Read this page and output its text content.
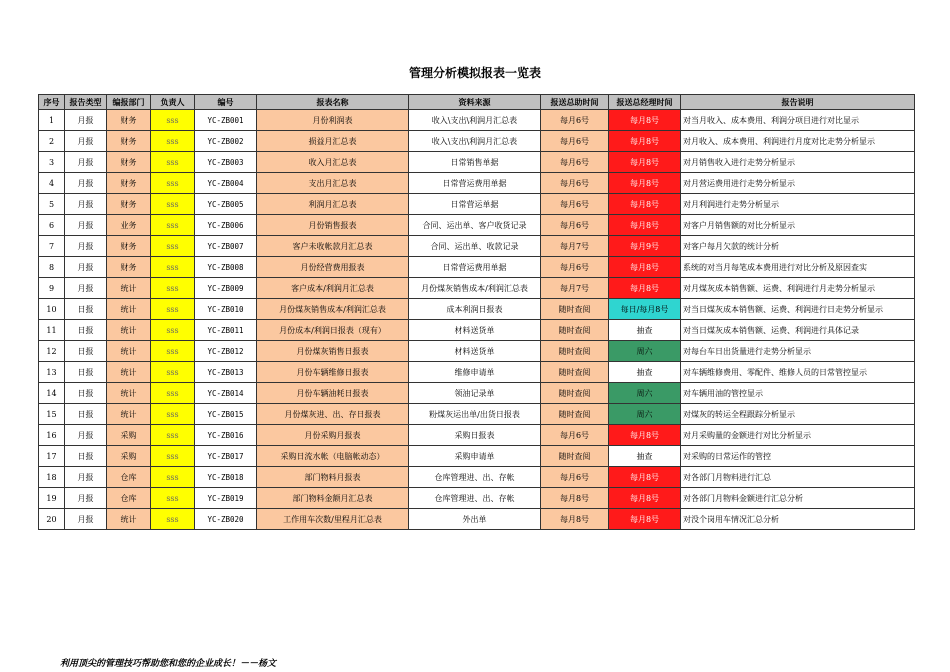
管理分析模拟报表一览表
序号	报告类型	编报部门	负责人	编号	报表名称	资料来源	报送总助时间	报送总经理时间	报告说明
1	月报	财务	sss	YC-ZB001	月份利润表	收入\支出\利润月汇总表	每月6号	每月8号	对当月收入、成本费用、利润分项目进行对比显示
2	月报	财务	sss	YC-ZB002	损益月汇总表	收入\支出\利润月汇总表	每月6号	每月8号	对月收入、成本费用、利润进行月度对比走势分析显示
3	月报	财务	sss	YC-ZB003	收入月汇总表	日常销售单据	每月6号	每月8号	对月销售收入进行走势分析显示
4	月报	财务	sss	YC-ZB004	支出月汇总表	日常营运费用单据	每月6号	每月8号	对月营运费用进行走势分析显示
5	月报	财务	sss	YC-ZB005	利润月汇总表	日常营运单据	每月6号	每月8号	对月利润进行走势分析显示
6	月报	业务	sss	YC-ZB006	月份销售报表	合同、运出单、客户收货记录	每月6号	每月8号	对客户月销售额的对比分析显示
7	月报	财务	sss	YC-ZB007	客户未收帐款月汇总表	合同、运出单、收款记录	每月7号	每月9号	对客户每月欠款的统计分析
8	月报	财务	sss	YC-ZB008	月份经营费用报表	日常营运费用单据	每月6号	每月8号	系统的对当月每笔成本费用进行对比分析及原因查实
9	月报	统计	sss	YC-ZB009	客户成本/利润月汇总表	月份煤灰销售成本/利润汇总表	每月7号	每月8号	对月煤灰成本销售额、运费、利润进行月走势分析显示
10	日报	统计	sss	YC-ZB010	月份煤灰销售成本/利润汇总表	成本利润日报表	随时查阅	每日/每月8号	对当日煤灰成本销售额、运费、利润进行日走势分析显示
11	日报	统计	sss	YC-ZB011	月份成本/利润日报表（现有）	材料送货单	随时查阅	抽查	对当日煤灰成本销售额、运费、利润进行具体记录
12	日报	统计	sss	YC-ZB012	月份煤灰销售日报表	材料送货单	随时查阅	周六	对每台车日出货量进行走势分析显示
13	日报	统计	sss	YC-ZB013	月份车辆维修日报表	维修申请单	随时查阅	抽查	对车辆维修费用、零配件、维修人员的日常管控显示
14	日报	统计	sss	YC-ZB014	月份车辆油耗日报表	领油记录单	随时查阅	周六	对车辆用油的管控显示
15	日报	统计	sss	YC-ZB015	月份煤灰进、出、存日报表	粉煤灰运出单/出货日报表	随时查阅	周六	对煤灰的转运全程跟踪分析显示
16	月报	采购	sss	YC-ZB016	月份采购月报表	采购日报表	每月6号	每月8号	对月采购量的金额进行对比分析显示
17	日报	采购	sss	YC-ZB017	采购日流水帐（电脑帐动态）	采购申请单	随时查阅	抽查	对采购的日常运作的管控
18	月报	仓库	sss	YC-ZB018	部门物料月报表	仓库管理进、出、存帐	每月6号	每月8号	对各部门月物料进行汇总
19	月报	仓库	sss	YC-ZB019	部门物料金额月汇总表	仓库管理进、出、存帐	每月8号	每月8号	对各部门月物料金额进行汇总分析
20	月报	统计	sss	YC-ZB020	工作用车次数/里程月汇总表	外出单	每月8号	每月8号	对没个岗用车情况汇总分析
利用顶尖的管理技巧帮助您和您的企业成长！－－杨文
